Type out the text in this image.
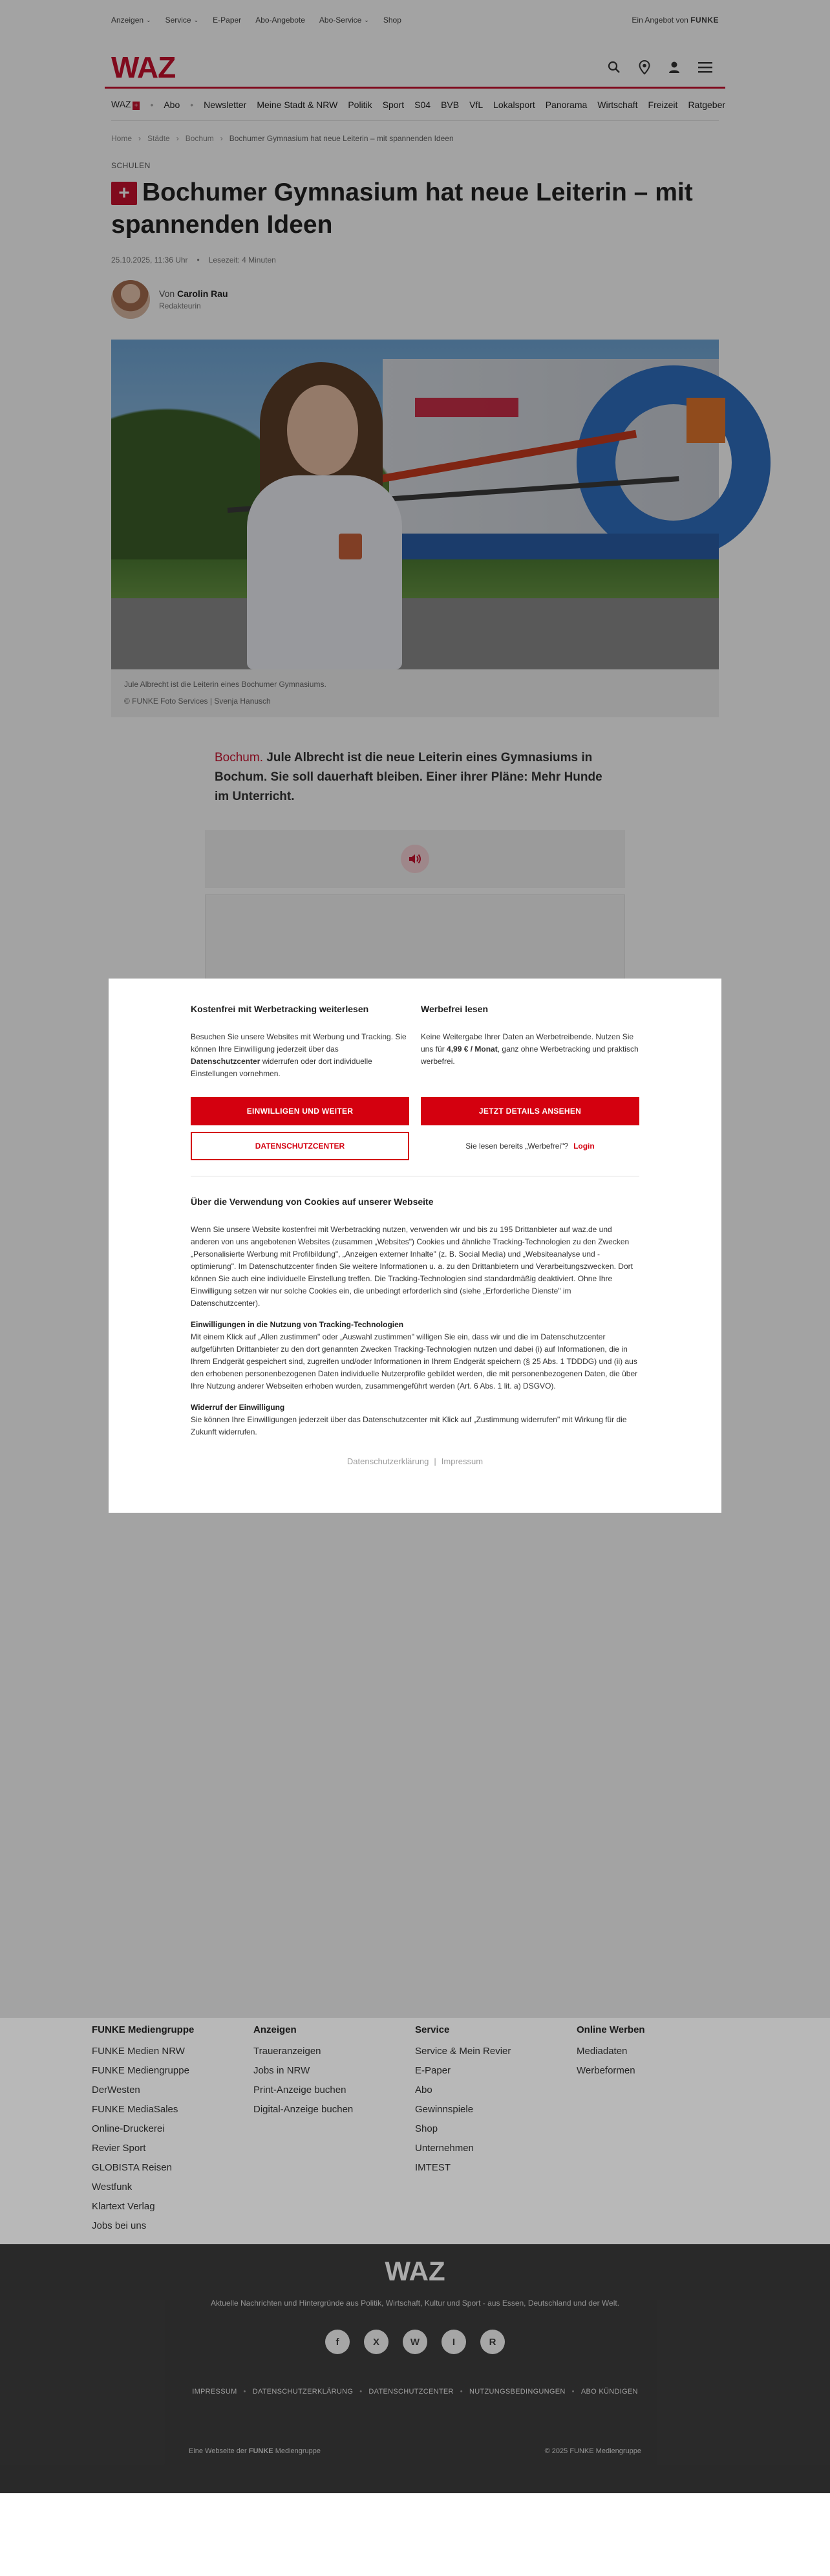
Anzeigen ⌄ Service ⌄ E-Paper Abo-Angebote Abo-Service ⌄ Shop	Ein Angebot von FUNKE
WAZ
WAZ + • Abo • Newsletter Meine Stadt & NRW Politik Sport S04 BVB VfL Lokalsport Panorama Wirtschaft Freizeit Ratgeber
Home › Städte › Bochum › Bochumer Gymnasium hat neue Leiterin – mit spannenden Ideen
SCHULEN
+ Bochumer Gymnasium hat neue Leiterin – mit spannenden Ideen
25.10.2025, 11:36 Uhr • Lesezeit: 4 Minuten
Von Carolin Rau
Redakteurin
Jule Albrecht ist die Leiterin eines Bochumer Gymnasiums.
© FUNKE Foto Services | Svenja Hanusch

Bochum. Jule Albrecht ist die neue Leiterin eines Gymnasiums in Bochum. Sie soll dauerhaft bleiben. Einer ihrer Pläne: Mehr Hunde im Unterricht.

FUNKE Mediengruppe
FUNKE Medien NRW
FUNKE Mediengruppe
DerWesten
FUNKE MediaSales
Online-Druckerei
Revier Sport
GLOBISTA Reisen
Westfunk
Klartext Verlag
Jobs bei uns
Anzeigen
Traueranzeigen
Jobs in NRW
Print-Anzeige buchen
Digital-Anzeige buchen
Service
Service & Mein Revier
E-Paper
Abo
Gewinnspiele
Shop
Unternehmen
IMTEST
Online Werben
Mediadaten
Werbeformen
WAZ
Aktuelle Nachrichten und Hintergründe aus Politik, Wirtschaft, Kultur und Sport - aus Essen, Deutschland und der Welt.
f	X	W	I	R
IMPRESSUM • DATENSCHUTZERKLÄRUNG • DATENSCHUTZCENTER • NUTZUNGSBEDINGUNGEN • ABO KÜNDIGEN
Eine Webseite der FUNKE Mediengruppe	© 2025 FUNKE Mediengruppe
Kostenfrei mit Werbetracking weiterlesen

Besuchen Sie unsere Websites mit Werbung und Tracking. Sie können Ihre Einwilligung jederzeit über das Datenschutzcenter widerrufen oder dort individuelle Einstellungen vornehmen.

Werbefrei lesen

Keine Weitergabe Ihrer Daten an Werbetreibende. Nutzen Sie uns für 4,99 € / Monat, ganz ohne Werbetracking und praktisch werbefrei.

EINWILLIGEN UND WEITER
DATENSCHUTZCENTER
JETZT DETAILS ANSEHEN
Sie lesen bereits „Werbefrei"? Login
Über die Verwendung von Cookies auf unserer Webseite

Wenn Sie unsere Website kostenfrei mit Werbetracking nutzen, verwenden wir und bis zu 195 Drittanbieter auf waz.de und anderen von uns angebotenen Websites (zusammen „Websites") Cookies und ähnliche Tracking-Technologien zu den Zwecken „Personalisierte Werbung mit Profilbildung", „Anzeigen externer Inhalte" (z. B. Social Media) und „Websiteanalyse und -optimierung". Im Datenschutzcenter finden Sie weitere Informationen u. a. zu den Drittanbietern und Verarbeitungszwecken. Dort können Sie auch eine individuelle Einstellung treffen. Die Tracking-Technologien sind standardmäßig deaktiviert. Ohne Ihre Einwilligung setzen wir nur solche Cookies ein, die unbedingt erforderlich sind (siehe „Erforderliche Dienste" im Datenschutzcenter).

Einwilligungen in die Nutzung von Tracking-Technologien

Mit einem Klick auf „Allen zustimmen" oder „Auswahl zustimmen" willigen Sie ein, dass wir und die im Datenschutzcenter aufgeführten Drittanbieter zu den dort genannten Zwecken Tracking-Technologien nutzen und dabei (i) auf Informationen, die in Ihrem Endgerät gespeichert sind, zugreifen und/oder Informationen in Ihrem Endgerät speichern (§ 25 Abs. 1 TDDDG) und (ii) aus den erhobenen personenbezogenen Daten individuelle Nutzerprofile gebildet werden, die mit personenbezogenen Daten, die über Ihre Nutzung anderer Webseiten erhoben wurden, zusammengeführt werden (Art. 6 Abs. 1 lit. a) DSGVO).

Widerruf der Einwilligung

Sie können Ihre Einwilligungen jederzeit über das Datenschutzcenter mit Klick auf „Zustimmung widerrufen" mit Wirkung für die Zukunft widerrufen.

Datenschutzerklärung | Impressum
